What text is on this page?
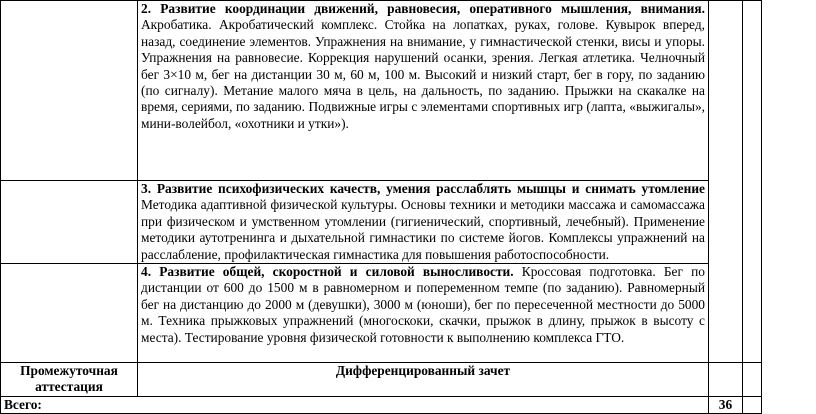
	2. Развитие координации движений, равновесия, оперативного мышления, внимания. Акробатика. Акробатический комплекс. Стойка на лопатках, руках, голове. Кувырок вперед, назад, соединение элементов. Упражнения на внимание, у гимнастической стенки, висы и упоры. Упражнения на равновесие. Коррекция нарушений осанки, зрения. Легкая атлетика. Челночный бег 3×10 м, бег на дистанции 30 м, 60 м, 100 м. Высокий и низкий старт, бег в гору, по заданию (по сигналу). Метание малого мяча в цель, на дальность, по заданию. Прыжки на скакалке на время, сериями, по заданию. Подвижные игры с элементами спортивных игр (лапта, «выжигалы», мини-волейбол, «охотники и утки»).		
	3. Развитие психофизических качеств, умения расслаблять мышцы и снимать утомление Методика адаптивной физической культуры. Основы техники и методики массажа и самомассажа при физическом и умственном утомлении (гигиенический, спортивный, лечебный). Применение методики аутотренинга и дыхательной гимнастики по системе йогов. Комплексы упражнений на расслабление, профилактическая гимнастика для повышения работоспособности.		
	4. Развитие общей, скоростной и силовой выносливости. Кроссовая подготовка. Бег по дистанции от 600 до 1500 м в равномерном и попеременном темпе (по заданию). Равномерный бег на дистанцию до 2000 м (девушки), 3000 м (юноши), бег по пересеченной местности до 5000 м. Техника прыжковых упражнений (многоскоки, скачки, прыжок в длину, прыжок в высоту с места). Тестирование уровня физической готовности к выполнению комплекса ГТО.		
Промежуточная аттестация	Дифференцированный зачет		
Всего:		36	
